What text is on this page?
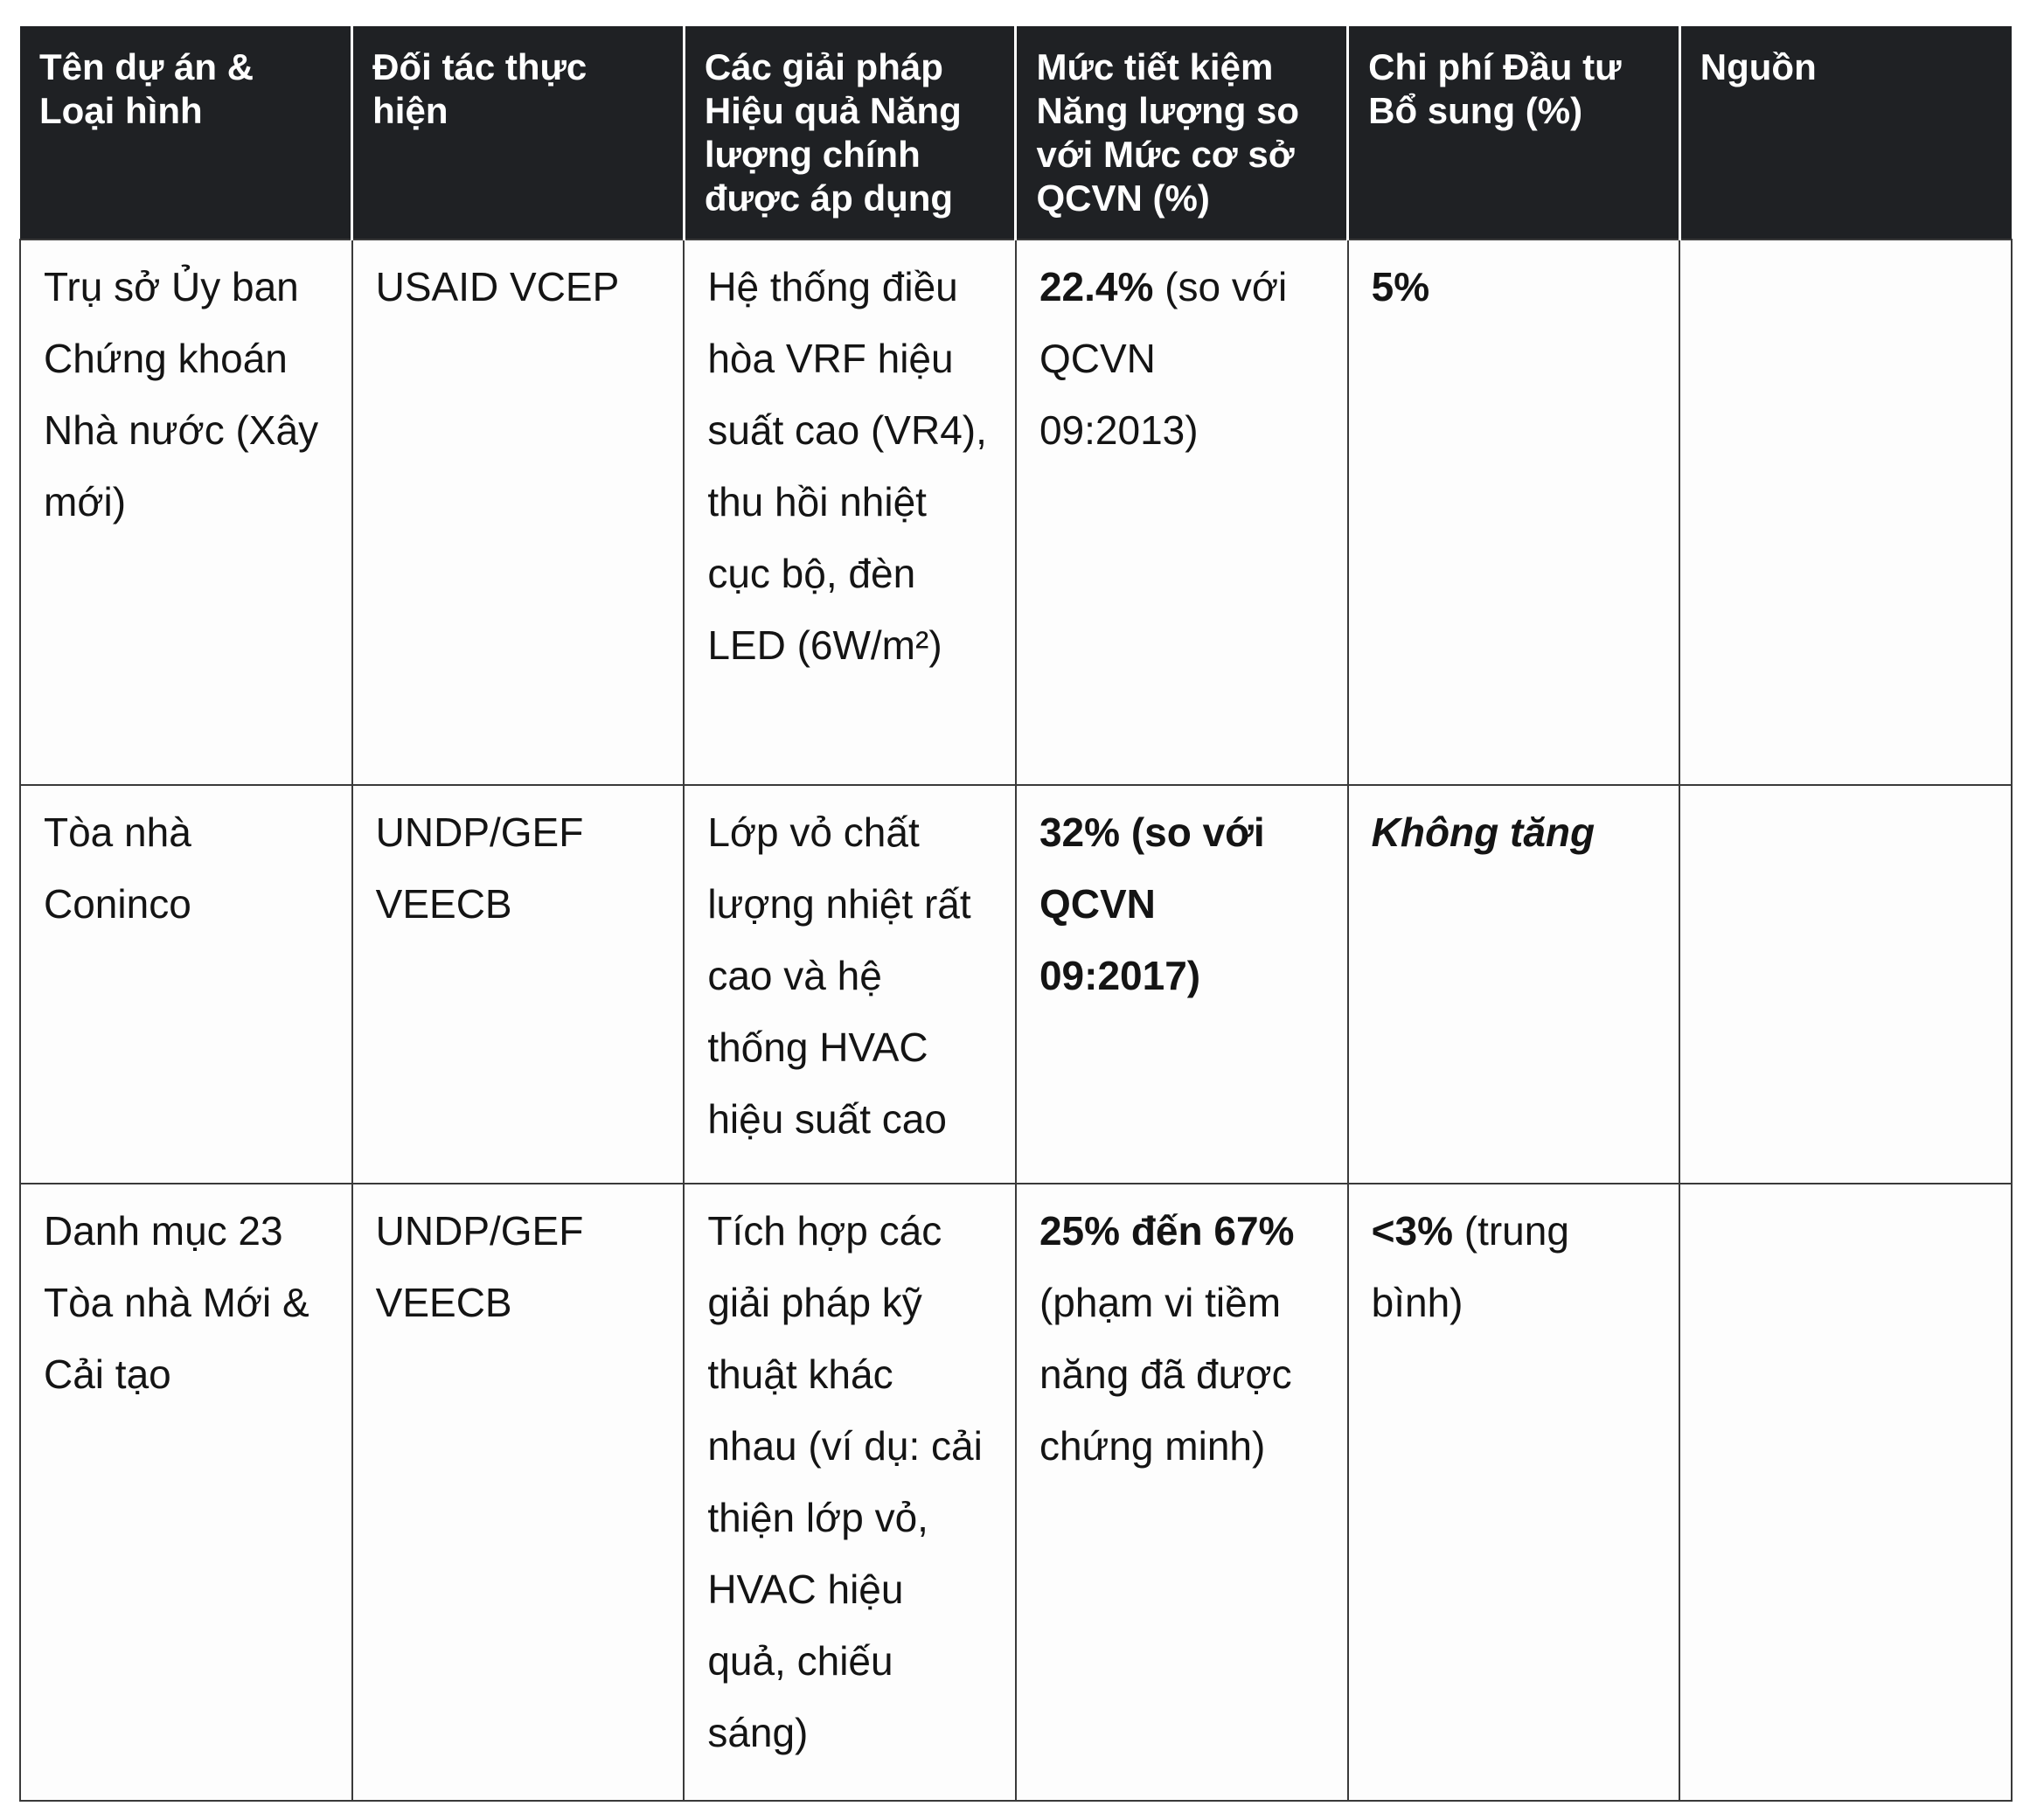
Tên dự án & Loại hình	Đối tác thực hiện	Các giải pháp Hiệu quả Năng lượng chính được áp dụng	Mức tiết kiệm Năng lượng so với Mức cơ sở QCVN (%)	Chi phí Đầu tư Bổ sung (%)	Nguồn
Trụ sở Ủy ban Chứng khoán Nhà nước (Xây mới)	USAID VCEP	Hệ thống điều hòa VRF hiệu suất cao (VR4), thu hồi nhiệt cục bộ, đèn LED (6W/m²)	22.4% (so với QCVN 09:2013)	5%	
Tòa nhà Coninco	UNDP/GEF VEECB	Lớp vỏ chất lượng nhiệt rất cao và hệ thống HVAC hiệu suất cao	32% (so với QCVN 09:2017)	Không tăng	
Danh mục 23 Tòa nhà Mới & Cải tạo	UNDP/GEF VEECB	Tích hợp các giải pháp kỹ thuật khác nhau (ví dụ: cải thiện lớp vỏ, HVAC hiệu quả, chiếu sáng)	25% đến 67% (phạm vi tiềm năng đã được chứng minh)	<3% (trung bình)	
